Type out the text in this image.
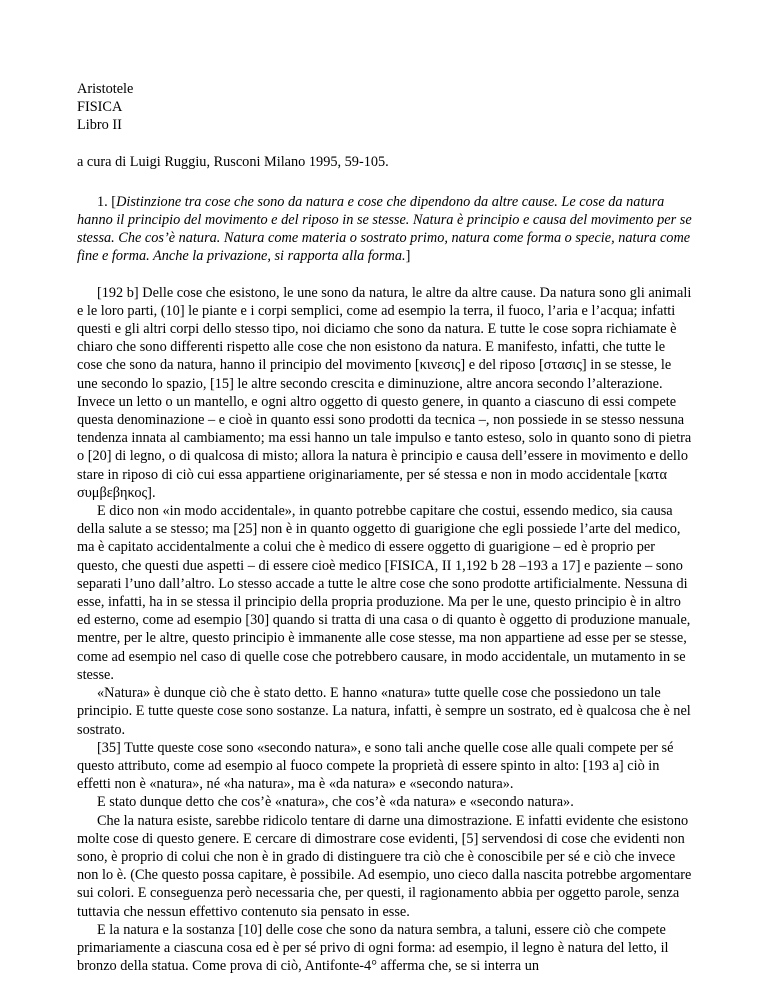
Aristotele
FISICA
Libro II
a cura di Luigi Ruggiu, Rusconi Milano 1995, 59-105.

1. [Distinzione tra cose che sono da natura e cose che dipendono da altre cause. Le cose da natura hanno il principio del movimento e del riposo in se stesse. Natura è principio e causa del movimento per se stessa. Che cos’è natura. Natura come materia o sostrato primo, natura come forma o specie, natura come fine e forma. Anche la privazione, si rapporta alla forma.]

[192 b] Delle cose che esistono, le une sono da natura, le altre da altre cause. Da natura sono gli animali e le loro parti, (10] le piante e i corpi semplici, come ad esempio la terra, il fuoco, l’aria e l’acqua; infatti questi e gli altri corpi dello stesso tipo, noi diciamo che sono da natura. E tutte le cose sopra richiamate è chiaro che sono differenti rispetto alle cose che non esistono da natura. E manifesto, infatti, che tutte le cose che sono da natura, hanno il principio del movimento [κινεσις] e del riposo [στασις] in se stesse, le une secondo lo spazio, [15] le altre secondo crescita e diminuzione, altre ancora secondo l’alterazione. Invece un letto o un mantello, e ogni altro oggetto di questo genere, in quanto a ciascuno di essi compete questa denominazione – e cioè in quanto essi sono prodotti da tecnica –, non possiede in se stesso nessuna tendenza innata al cambiamento; ma essi hanno un tale impulso e tanto esteso, solo in quanto sono di pietra o [20] di legno, o di qualcosa di misto; allora la natura è principio e causa dell’essere in movimento e dello stare in riposo di ciò cui essa appartiene originariamente, per sé stessa e non in modo accidentale [κατα συμβεβηκος].

E dico non «in modo accidentale», in quanto potrebbe capitare che costui, essendo medico, sia causa della salute a se stesso; ma [25] non è in quanto oggetto di guarigione che egli possiede l’arte del medico, ma è capitato accidentalmente a colui che è medico di essere oggetto di guarigione – ed è proprio per questo, che questi due aspetti – di essere cioè medico [FISICA, II 1,192 b 28 –193 a 17] e paziente – sono separati l’uno dall’altro. Lo stesso accade a tutte le altre cose che sono prodotte artificialmente. Nessuna di esse, infatti, ha in se stessa il principio della propria produzione. Ma per le une, questo principio è in altro ed esterno, come ad esempio [30] quando si tratta di una casa o di quanto è oggetto di produzione manuale, mentre, per le altre, questo principio è immanente alle cose stesse, ma non appartiene ad esse per se stesse, come ad esempio nel caso di quelle cose che potrebbero causare, in modo accidentale, un mutamento in se stesse.

«Natura» è dunque ciò che è stato detto. E hanno «natura» tutte quelle cose che possiedono un tale principio. E tutte queste cose sono sostanze. La natura, infatti, è sempre un sostrato, ed è qualcosa che è nel sostrato.

[35] Tutte queste cose sono «secondo natura», e sono tali anche quelle cose alle quali compete per sé questo attributo, come ad esempio al fuoco compete la proprietà di essere spinto in alto: [193 a] ciò in effetti non è «natura», né «ha natura», ma è «da natura» e «secondo natura».

E stato dunque detto che cos’è «natura», che cos’è «da natura» e «secondo natura».

Che la natura esiste, sarebbe ridicolo tentare di darne una dimostrazione. E infatti evidente che esistono molte cose di questo genere. E cercare di dimostrare cose evidenti, [5] servendosi di cose che evidenti non sono, è proprio di colui che non è in grado di distinguere tra ciò che è conoscibile per sé e ciò che invece non lo è. (Che questo possa capitare, è possibile. Ad esempio, uno cieco dalla nascita potrebbe argomentare sui colori. E conseguenza però necessaria che, per questi, il ragionamento abbia per oggetto parole, senza tuttavia che nessun effettivo contenuto sia pensato in esse.

E la natura e la sostanza [10] delle cose che sono da natura sembra, a taluni, essere ciò che compete primariamente a ciascuna cosa ed è per sé privo di ogni forma: ad esempio, il legno è natura del letto, il bronzo della statua. Come prova di ciò, Antifonte-4° afferma che, se si interra un
